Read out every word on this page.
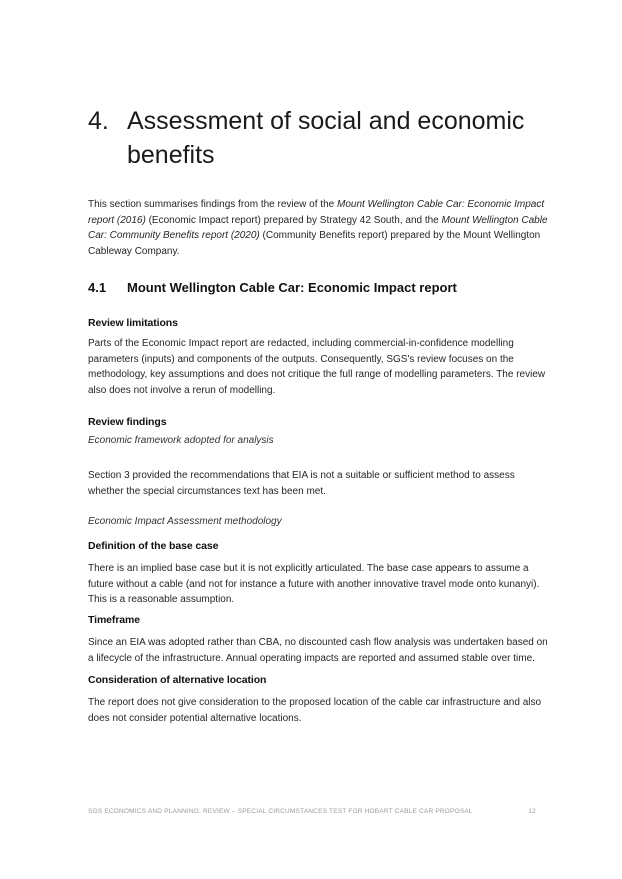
4. Assessment of social and economic benefits

This section summarises findings from the review of the Mount Wellington Cable Car: Economic Impact report (2016) (Economic Impact report) prepared by Strategy 42 South, and the Mount Wellington Cable Car: Community Benefits report (2020) (Community Benefits report) prepared by the Mount Wellington Cableway Company.

4.1	Mount Wellington Cable Car: Economic Impact report
Review limitations

Parts of the Economic Impact report are redacted, including commercial-in-confidence modelling parameters (inputs) and components of the outputs. Consequently, SGS's review focuses on the methodology, key assumptions and does not critique the full range of modelling parameters. The review also does not involve a rerun of modelling.

Review findings

Economic framework adopted for analysis

Section 3 provided the recommendations that EIA is not a suitable or sufficient method to assess whether the special circumstances text has been met.

Economic Impact Assessment methodology

Definition of the base case

There is an implied base case but it is not explicitly articulated. The base case appears to assume a future without a cable (and not for instance a future with another innovative travel mode onto kunanyi). This is a reasonable assumption.

Timeframe

Since an EIA was adopted rather than CBA, no discounted cash flow analysis was undertaken based on a lifecycle of the infrastructure. Annual operating impacts are reported and assumed stable over time.

Consideration of alternative location

The report does not give consideration to the proposed location of the cable car infrastructure and also does not consider potential alternative locations.

SGS ECONOMICS AND PLANNING: REVIEW – SPECIAL CIRCUMSTANCES TEST FOR HOBART CABLE CAR PROPOSAL	12
